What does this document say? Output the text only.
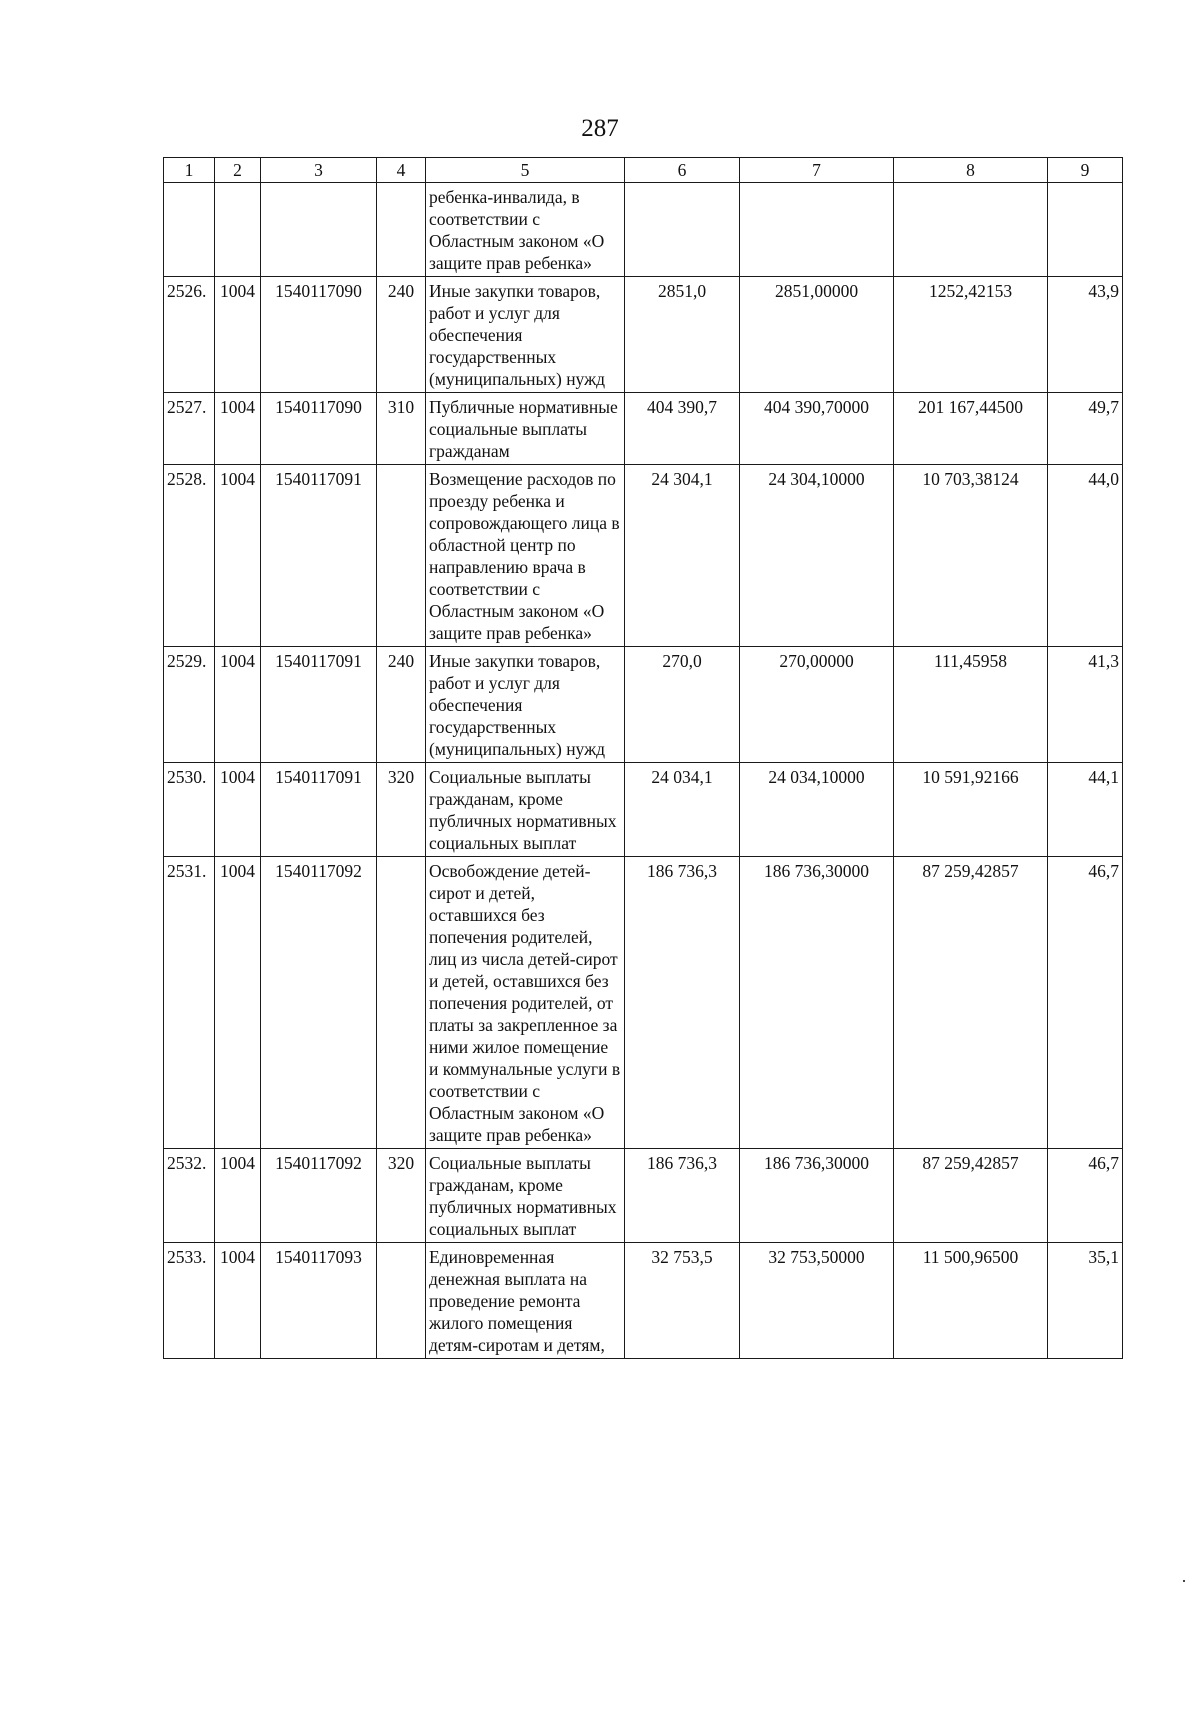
287
1	2	3	4	5	6	7	8	9
				ребенка-инвалида, в соответствии с Областным законом «О защите прав ребенка»				
2526.	1004	1540117090	240	Иные закупки товаров, работ и услуг для обеспечения государственных (муниципальных) нужд	2851,0	2851,00000	1252,42153	43,9
2527.	1004	1540117090	310	Публичные нормативные социальные выплаты гражданам	404 390,7	404 390,70000	201 167,44500	49,7
2528.	1004	1540117091		Возмещение расходов по проезду ребенка и сопровождающего лица в областной центр по направлению врача в соответствии с Областным законом «О защите прав ребенка»	24 304,1	24 304,10000	10 703,38124	44,0
2529.	1004	1540117091	240	Иные закупки товаров, работ и услуг для обеспечения государственных (муниципальных) нужд	270,0	270,00000	111,45958	41,3
2530.	1004	1540117091	320	Социальные выплаты гражданам, кроме публичных нормативных социальных выплат	24 034,1	24 034,10000	10 591,92166	44,1
2531.	1004	1540117092		Освобождение детей-сирот и детей, оставшихся без попечения родителей, лиц из числа детей-сирот и детей, оставшихся без попечения родителей, от платы за закрепленное за ними жилое помещение и коммунальные услуги в соответствии с Областным законом «О защите прав ребенка»	186 736,3	186 736,30000	87 259,42857	46,7
2532.	1004	1540117092	320	Социальные выплаты гражданам, кроме публичных нормативных социальных выплат	186 736,3	186 736,30000	87 259,42857	46,7
2533.	1004	1540117093		Единовременная денежная выплата на проведение ремонта жилого помещения детям-сиротам и детям,	32 753,5	32 753,50000	11 500,96500	35,1
